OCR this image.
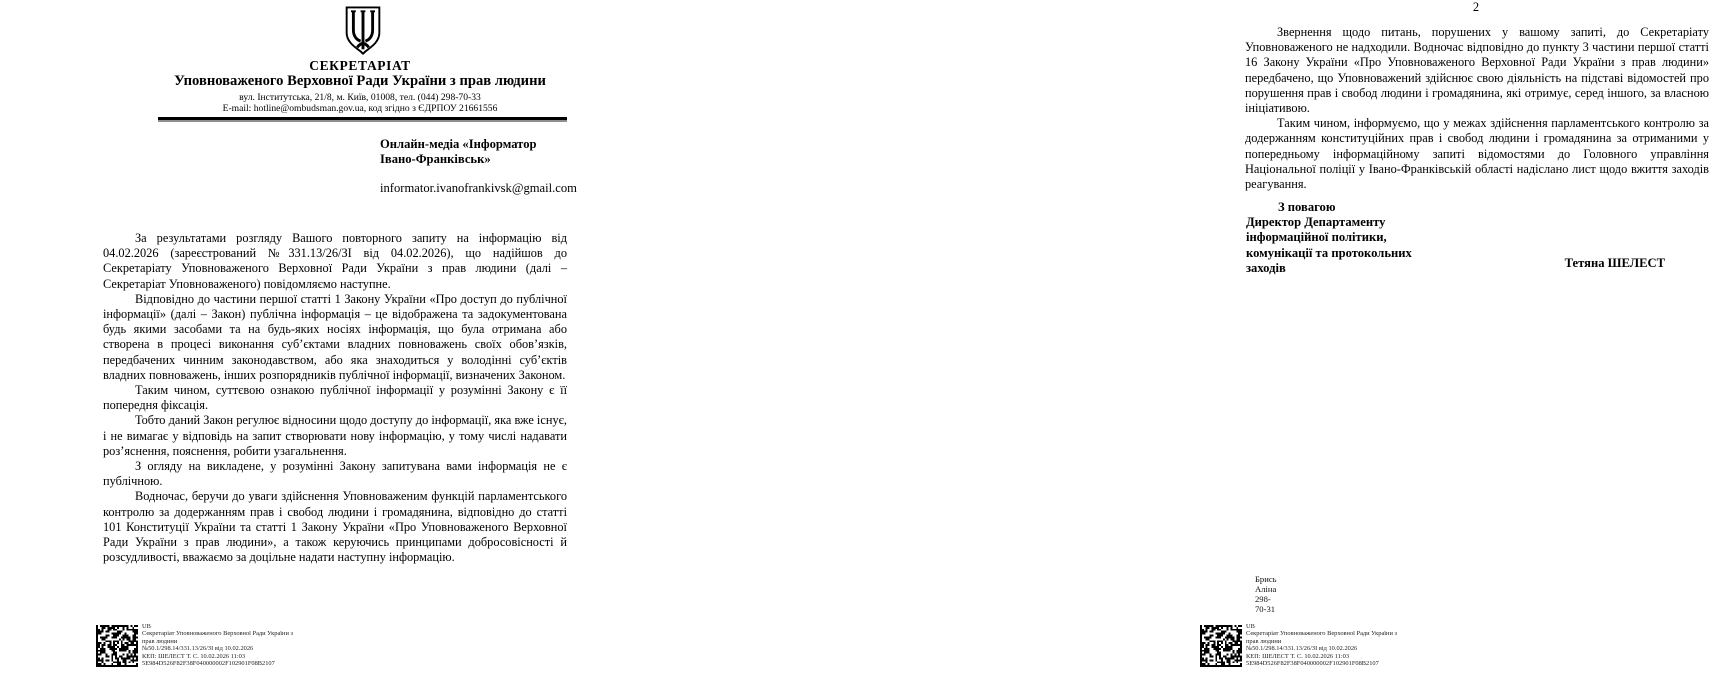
СЕКРЕТАРІАТ
Уповноваженого Верховної Ради України з прав людини
вул. Інститутська, 21/8, м. Київ, 01008, тел. (044) 298-70-33
E-mail: hotline@ombudsman.gov.ua, код згідно з ЄДРПОУ 21661556
Онлайн-медіа «Інформатор
Івано-Франківськ»
informator.ivanofrankivsk@gmail.com

За результатами розгляду Вашого повторного запиту на інформацію від 04.02.2026 (зареєстрований №331.13/26/ЗІ від 04.02.2026), що надійшов до Секретаріату Уповноваженого Верховної Ради України з прав людини (далі – Секретаріат Уповноваженого) повідомляємо наступне.

Відповідно до частини першої статті 1 Закону України «Про доступ до публічної інформації» (далі – Закон) публічна інформація – це відображена та задокументована будь якими засобами та на будь-яких носіях інформація, що була отримана або створена в процесі виконання суб’єктами владних повноважень своїх обов’язків, передбачених чинним законодавством, або яка знаходиться у володінні суб’єктів владних повноважень, інших розпорядників публічної інформації, визначених Законом.

Таким чином, суттєвою ознакою публічної інформації у розумінні Закону є її попередня фіксація.

Тобто даний Закон регулює відносини щодо доступу до інформації, яка вже існує, і не вимагає у відповідь на запит створювати нову інформацію, у тому числі надавати роз’яснення, пояснення, робити узагальнення.

З огляду на викладене, у розумінні Закону запитувана вами інформація не є публічною.

Водночас, беручи до уваги здійснення Уповноваженим функцій парламентського контролю за додержанням прав і свобод людини і громадянина, відповідно до статті 101 Конституції України та статті 1 Закону України «Про Уповноваженого Верховної Ради України з прав людини», а також керуючись принципами добросовісності й розсудливості, вважаємо за доцільне надати наступну інформацію.

UB
Секретаріат Уповноваженого Верховної Ради України з
прав людини
№50.1/298.14/331.13/26/ЗІ від 10.02.2026
КЕП: ШЕЛЕСТ Т. С. 10.02.2026 11:03
5E984D526F82F38F040000002F102901F08B2107
2

Звернення щодо питань, порушених у вашому запиті, до Секретаріату Уповноваженого не надходили. Водночас відповідно до пункту 3 частини першої статті 16 Закону України «Про Уповноваженого Верховної Ради України з прав людини» передбачено, що Уповноважений здійснює свою діяльність на підставі відомостей про порушення прав і свобод людини і громадянина, які отримує, серед іншого, за власною ініціативою.

Таким чином, інформуємо, що у межах здійснення парламентського контролю за додержанням конституційних прав і свобод людини і громадянина за отриманими у попередньому інформаційному запиті відомостями до Головного управління Національної поліції у Івано-Франківській області надіслано лист щодо вжиття заходів реагування.

З повагою
Директор Департаменту
інформаційної політики,
комунікації та протокольних
заходів	Тетяна ШЕЛЕСТ
Брись Аліна 298-70-31
UB
Секретаріат Уповноваженого Верховної Ради України з
прав людини
№50.1/298.14/331.13/26/ЗІ від 10.02.2026
КЕП: ШЕЛЕСТ Т. С. 10.02.2026 11:03
5E984D526F82F38F040000002F102901F08B2107
